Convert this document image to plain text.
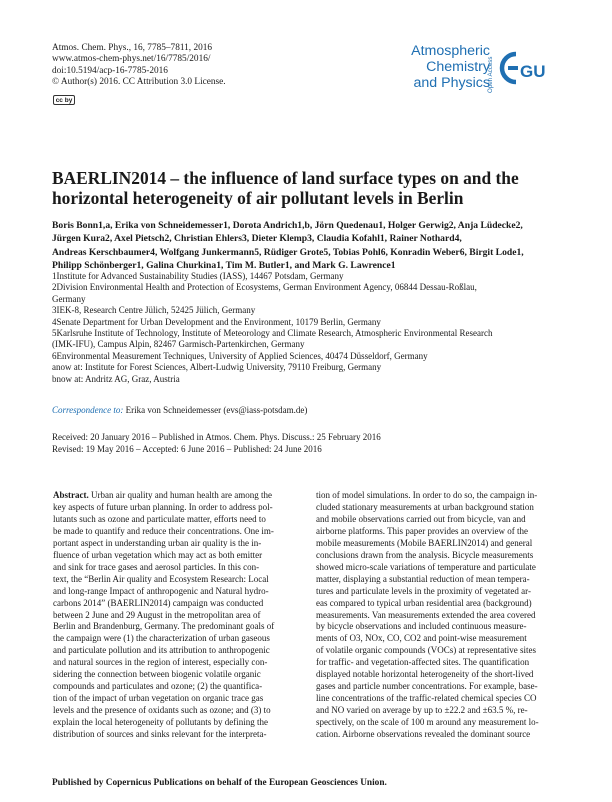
Atmos. Chem. Phys., 16, 7785–7811, 2016
www.atmos-chem-phys.net/16/7785/2016/
doi:10.5194/acp-16-7785-2016
© Author(s) 2016. CC Attribution 3.0 License.
cc by
Atmospheric
Chemistry
and Physics
Open Access GU
BAERLIN2014 – the influence of land surface types on and the
horizontal heterogeneity of air pollutant levels in Berlin
Boris Bonn1,a, Erika von Schneidemesser1, Dorota Andrich1,b, Jörn Quedenau1, Holger Gerwig2, Anja Lüdecke2,
Jürgen Kura2, Axel Pietsch2, Christian Ehlers3, Dieter Klemp3, Claudia Kofahl1, Rainer Nothard4,
Andreas Kerschbaumer4, Wolfgang Junkermann5, Rüdiger Grote5, Tobias Pohl6, Konradin Weber6, Birgit Lode1,
Philipp Schönberger1, Galina Churkina1, Tim M. Butler1, and Mark G. Lawrence1
1Institute for Advanced Sustainability Studies (IASS), 14467 Potsdam, Germany
2Division Environmental Health and Protection of Ecosystems, German Environment Agency, 06844 Dessau-Roßlau,
Germany
3IEK-8, Research Centre Jülich, 52425 Jülich, Germany
4Senate Department for Urban Development and the Environment, 10179 Berlin, Germany
5Karlsruhe Institute of Technology, Institute of Meteorology and Climate Research, Atmospheric Environmental Research
(IMK-IFU), Campus Alpin, 82467 Garmisch-Partenkirchen, Germany
6Environmental Measurement Techniques, University of Applied Sciences, 40474 Düsseldorf, Germany
anow at: Institute for Forest Sciences, Albert-Ludwig University, 79110 Freiburg, Germany
bnow at: Andritz AG, Graz, Austria
Correspondence to: Erika von Schneidemesser (evs@iass-potsdam.de)
Received: 20 January 2016 – Published in Atmos. Chem. Phys. Discuss.: 25 February 2016
Revised: 19 May 2016 – Accepted: 6 June 2016 – Published: 24 June 2016
Abstract. Urban air quality and human health are among the
key aspects of future urban planning. In order to address pol-
lutants such as ozone and particulate matter, efforts need to
be made to quantify and reduce their concentrations. One im-
portant aspect in understanding urban air quality is the in-
fluence of urban vegetation which may act as both emitter
and sink for trace gases and aerosol particles. In this con-
text, the “Berlin Air quality and Ecosystem Research: Local
and long-range Impact of anthropogenic and Natural hydro-
carbons 2014” (BAERLIN2014) campaign was conducted
between 2 June and 29 August in the metropolitan area of
Berlin and Brandenburg, Germany. The predominant goals of
the campaign were (1) the characterization of urban gaseous
and particulate pollution and its attribution to anthropogenic
and natural sources in the region of interest, especially con-
sidering the connection between biogenic volatile organic
compounds and particulates and ozone; (2) the quantifica-
tion of the impact of urban vegetation on organic trace gas
levels and the presence of oxidants such as ozone; and (3) to
explain the local heterogeneity of pollutants by defining the
distribution of sources and sinks relevant for the interpreta-
tion of model simulations. In order to do so, the campaign in-
cluded stationary measurements at urban background station
and mobile observations carried out from bicycle, van and
airborne platforms. This paper provides an overview of the
mobile measurements (Mobile BAERLIN2014) and general
conclusions drawn from the analysis. Bicycle measurements
showed micro-scale variations of temperature and particulate
matter, displaying a substantial reduction of mean tempera-
tures and particulate levels in the proximity of vegetated ar-
eas compared to typical urban residential area (background)
measurements. Van measurements extended the area covered
by bicycle observations and included continuous measure-
ments of O3, NOx, CO, CO2 and point-wise measurement
of volatile organic compounds (VOCs) at representative sites
for traffic- and vegetation-affected sites. The quantification
displayed notable horizontal heterogeneity of the short-lived
gases and particle number concentrations. For example, base-
line concentrations of the traffic-related chemical species CO
and NO varied on average by up to ±22.2 and ±63.5 %, re-
spectively, on the scale of 100 m around any measurement lo-
cation. Airborne observations revealed the dominant source
Published by Copernicus Publications on behalf of the European Geosciences Union.
